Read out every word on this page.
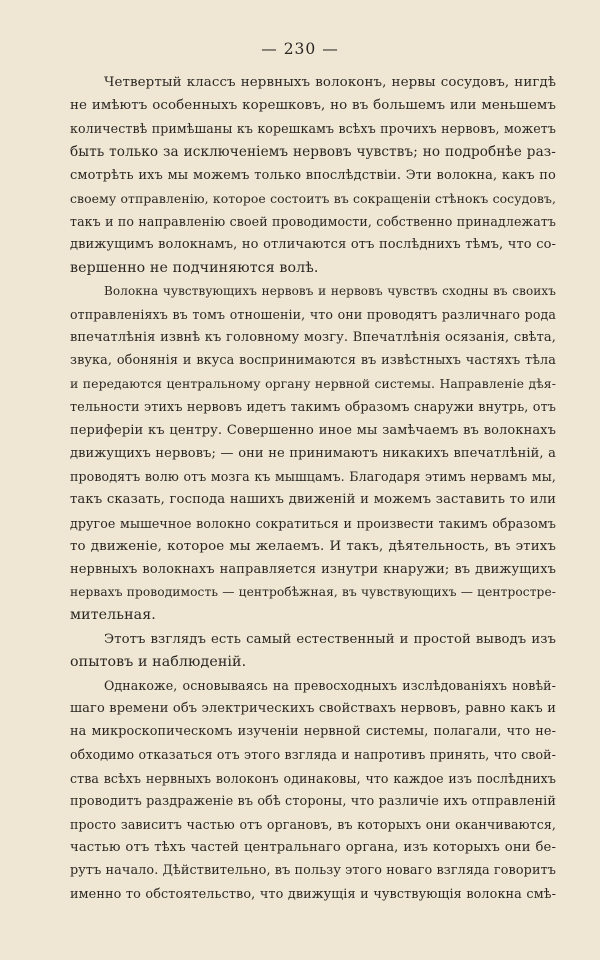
— 230 —
Четвертый классъ нервныхъ волоконъ, нервы сосудовъ, нигдѣ
не имѣютъ особенныхъ корешковъ, но въ большемъ или меньшемъ
количествѣ примѣшаны къ корешкамъ всѣхъ прочихъ нервовъ, можетъ
быть только за исключеніемъ нервовъ чувствъ; но подробнѣе раз-
смотрѣть ихъ мы можемъ только впослѣдствіи. Эти волокна, какъ по
своему отправленію, которое состоитъ въ сокращеніи стѣнокъ сосудовъ,
такъ и по направленію своей проводимости, собственно принадлежатъ
движущимъ волокнамъ, но отличаются отъ послѣднихъ тѣмъ, что со-
вершенно не подчиняются волѣ.
Волокна чувствующихъ нервовъ и нервовъ чувствъ сходны въ своихъ
отправленіяхъ въ томъ отношеніи, что они проводятъ различнаго рода
впечатлѣнія извнѣ къ головному мозгу. Впечатлѣнія осязанія, свѣта,
звука, обонянія и вкуса воспринимаются въ извѣстныхъ частяхъ тѣла
и передаются центральному органу нервной системы. Направленіе дѣя-
тельности этихъ нервовъ идетъ такимъ образомъ снаружи внутрь, отъ
периферіи къ центру. Совершенно иное мы замѣчаемъ въ волокнахъ
движущихъ нервовъ; — они не принимаютъ никакихъ впечатлѣній, а
проводятъ волю отъ мозга къ мышцамъ. Благодаря этимъ нервамъ мы,
такъ сказать, господа нашихъ движеній и можемъ заставить то или
другое мышечное волокно сократиться и произвести такимъ образомъ
то движеніе, которое мы желаемъ. И такъ, дѣятельность, въ этихъ
нервныхъ волокнахъ направляется изнутри кнаружи; въ движущихъ
нервахъ проводимость — центробѣжная, въ чувствующихъ — центростре-
мительная.
Этотъ взглядъ есть самый естественный и простой выводъ изъ
опытовъ и наблюденій.
Однакоже, основываясь на превосходныхъ изслѣдованіяхъ новѣй-
шаго времени объ электрическихъ свойствахъ нервовъ, равно какъ и
на микроскопическомъ изученіи нервной системы, полагали, что не-
обходимо отказаться отъ этого взгляда и напротивъ принять, что свой-
ства всѣхъ нервныхъ волоконъ одинаковы, что каждое изъ послѣднихъ
проводитъ раздраженіе въ обѣ стороны, что различіе ихъ отправленій
просто зависитъ частью отъ органовъ, въ которыхъ они оканчиваются,
частью отъ тѣхъ частей центральнаго органа, изъ которыхъ они бе-
рутъ начало. Дѣйствительно, въ пользу этого новаго взгляда говоритъ
именно то обстоятельство, что движущія и чувствующія волокна смѣ-
